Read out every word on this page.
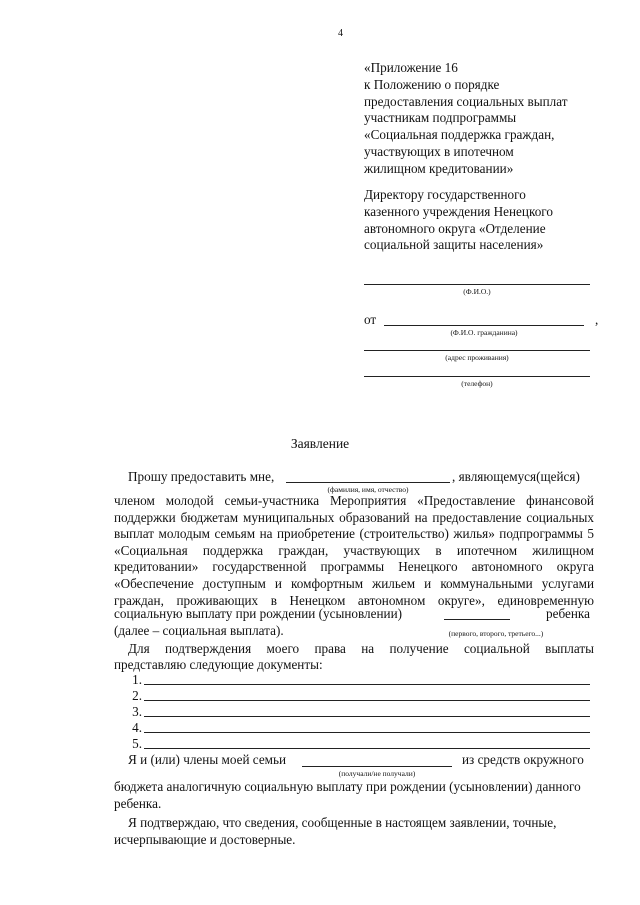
4
«Приложение 16
к Положению о порядке
предоставления социальных выплат
участникам подпрограммы
«Социальная поддержка граждан,
участвующих в ипотечном
жилищном кредитовании»
Директору государственного
казенного учреждения Ненецкого
автономного округа «Отделение
социальной защиты населения»
(Ф.И.О.)
от	,
(Ф.И.О. гражданина)
(адрес проживания)
(телефон)
Заявление
Прошу предоставить мне,	, являющемуся(щейся)
(фамилия, имя, отчество)
членом молодой семьи-участника Мероприятия «Предоставление финансовой
поддержки бюджетам муниципальных образований на предоставление социальных
выплат молодым семьям на приобретение (строительство) жилья» подпрограммы 5
«Социальная поддержка граждан, участвующих в ипотечном жилищном
кредитовании» государственной программы Ненецкого автономного округа
«Обеспечение доступным и комфортным жильем и коммунальными услугами
граждан, проживающих в Ненецком автономном округе», единовременную
социальную выплату при рождении (усыновлении)	ребенка
(далее – социальная выплата).	(первого, второго, третьего...)
Для подтверждения моего права на получение социальной выплаты
представляю следующие документы:
1.
2.
3.
4.
5.
Я и (или) члены моей семьи	из средств окружного
(получали/не получали)
бюджета аналогичную социальную выплату при рождении (усыновлении) данного
ребенка.
Я подтверждаю, что сведения, сообщенные в настоящем заявлении, точные,
исчерпывающие и достоверные.
